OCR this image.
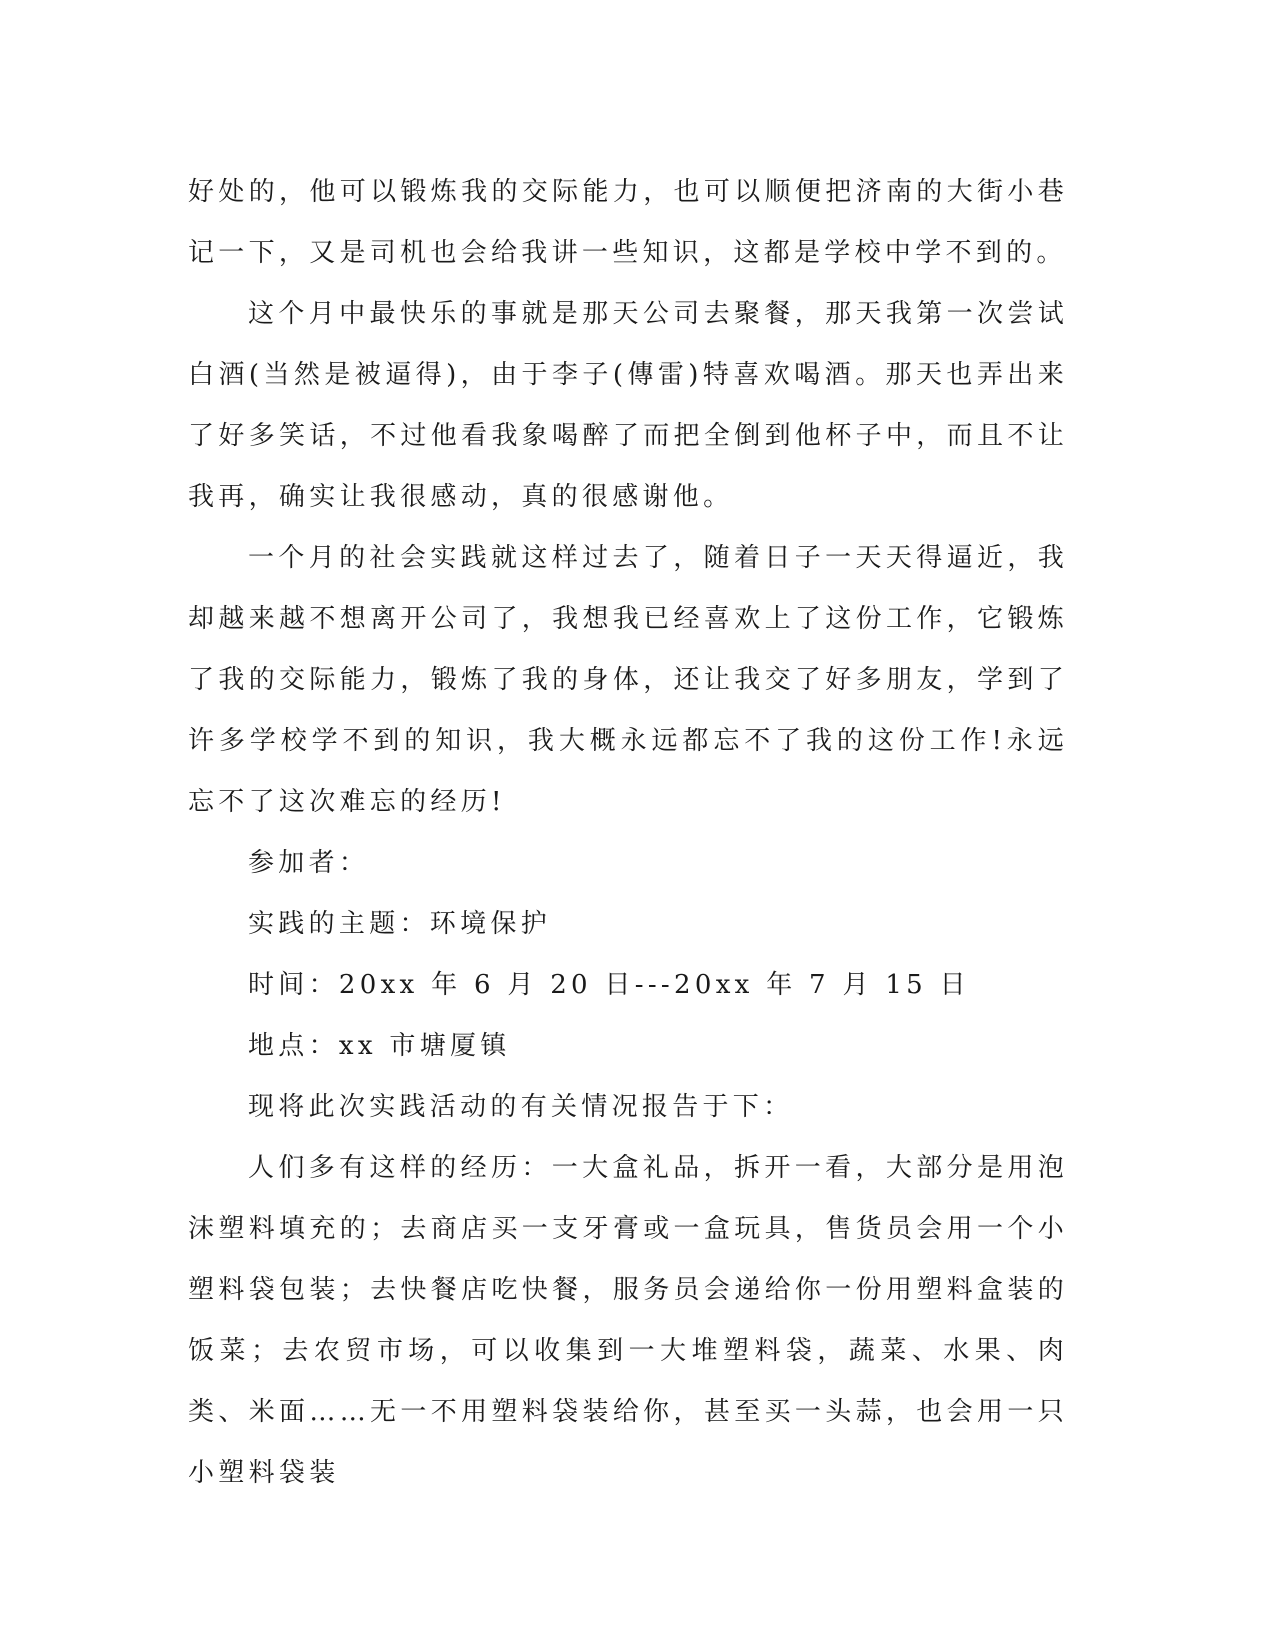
好处的，他可以锻炼我的交际能力，也可以顺便把济南的大街小巷记一下，又是司机也会给我讲一些知识，这都是学校中学不到的。

这个月中最快乐的事就是那天公司去聚餐，那天我第一次尝试白酒(当然是被逼得)，由于李子(傳雷)特喜欢喝酒。那天也弄出来了好多笑话，不过他看我象喝醉了而把全倒到他杯子中，而且不让我再，确实让我很感动，真的很感谢他。

一个月的社会实践就这样过去了，随着日子一天天得逼近，我却越来越不想离开公司了，我想我已经喜欢上了这份工作，它锻炼了我的交际能力，锻炼了我的身体，还让我交了好多朋友，学到了许多学校学不到的知识，我大概永远都忘不了我的这份工作!永远忘不了这次难忘的经历!

参加者：

实践的主题：环境保护

时间：20xx 年 6 月 20 日---20xx 年 7 月 15 日

地点：xx 市塘厦镇

现将此次实践活动的有关情况报告于下：

人们多有这样的经历：一大盒礼品，拆开一看，大部分是用泡沫塑料填充的；去商店买一支牙膏或一盒玩具，售货员会用一个小塑料袋包装；去快餐店吃快餐，服务员会递给你一份用塑料盒装的饭菜；去农贸市场，可以收集到一大堆塑料袋，蔬菜、水果、肉类、米面……无一不用塑料袋装给你，甚至买一头蒜，也会用一只小塑料袋装
